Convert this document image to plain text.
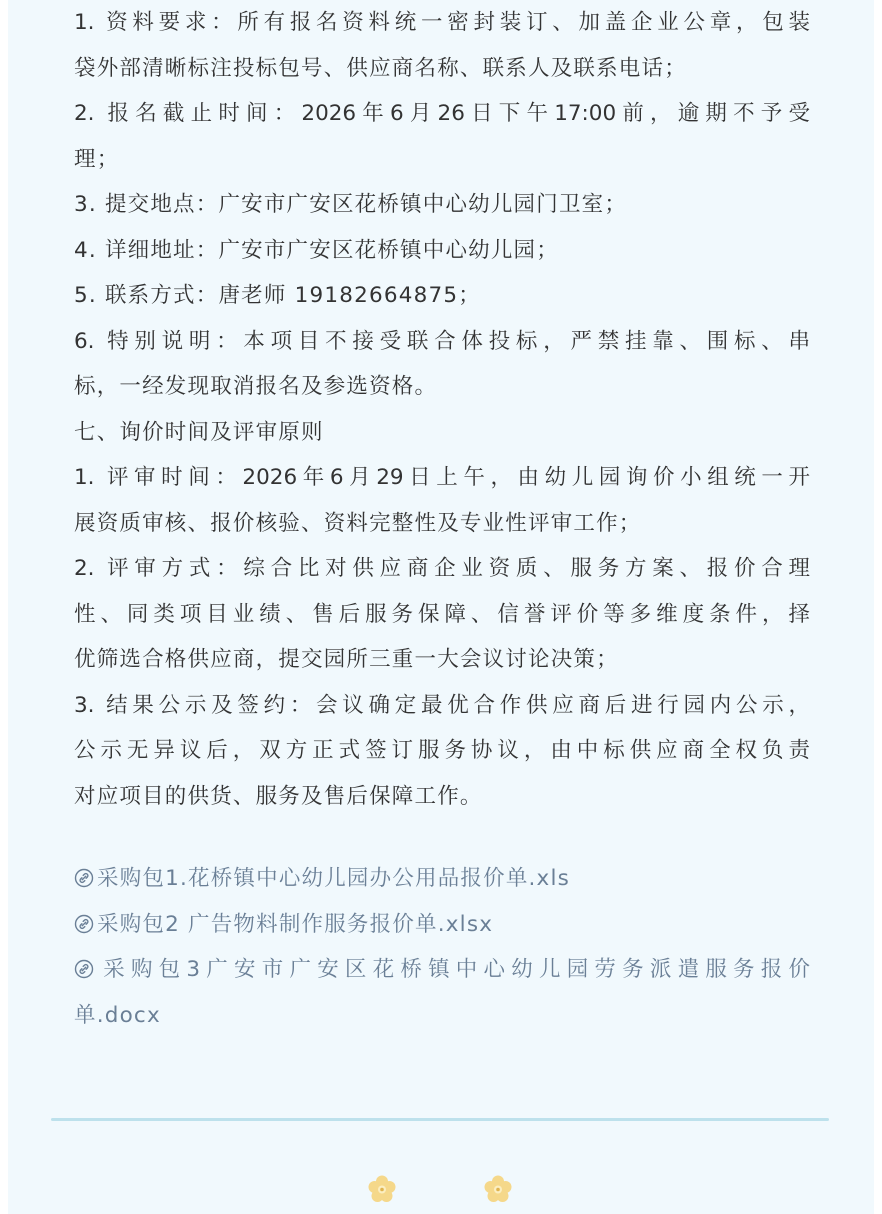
1. 资料要求：所有报名资料统一密封装订、加盖企业公章，包装
袋外部清晰标注投标包号、供应商名称、联系人及联系电话；
2. 报名截止时间：2026年6月26日下午17:00前，逾期不予受
理；
3. 提交地点：广安市广安区花桥镇中心幼儿园门卫室；
4. 详细地址：广安市广安区花桥镇中心幼儿园；
5. 联系方式：唐老师 19182664875；
6. 特别说明：本项目不接受联合体投标，严禁挂靠、围标、串
标，一经发现取消报名及参选资格。
七、询价时间及评审原则
1. 评审时间：2026年6月29日上午，由幼儿园询价小组统一开
展资质审核、报价核验、资料完整性及专业性评审工作；
2. 评审方式：综合比对供应商企业资质、服务方案、报价合理
性、同类项目业绩、售后服务保障、信誉评价等多维度条件，择
优筛选合格供应商，提交园所三重一大会议讨论决策；
3. 结果公示及签约：会议确定最优合作供应商后进行园内公示，
公示无异议后，双方正式签订服务协议，由中标供应商全权负责
对应项目的供货、服务及售后保障工作。
采购包1.花桥镇中心幼儿园办公用品报价单.xls
采购包2 广告物料制作服务报价单.xlsx
采购包3广安市广安区花桥镇中心幼儿园劳务派遣服务报价
单.docx
